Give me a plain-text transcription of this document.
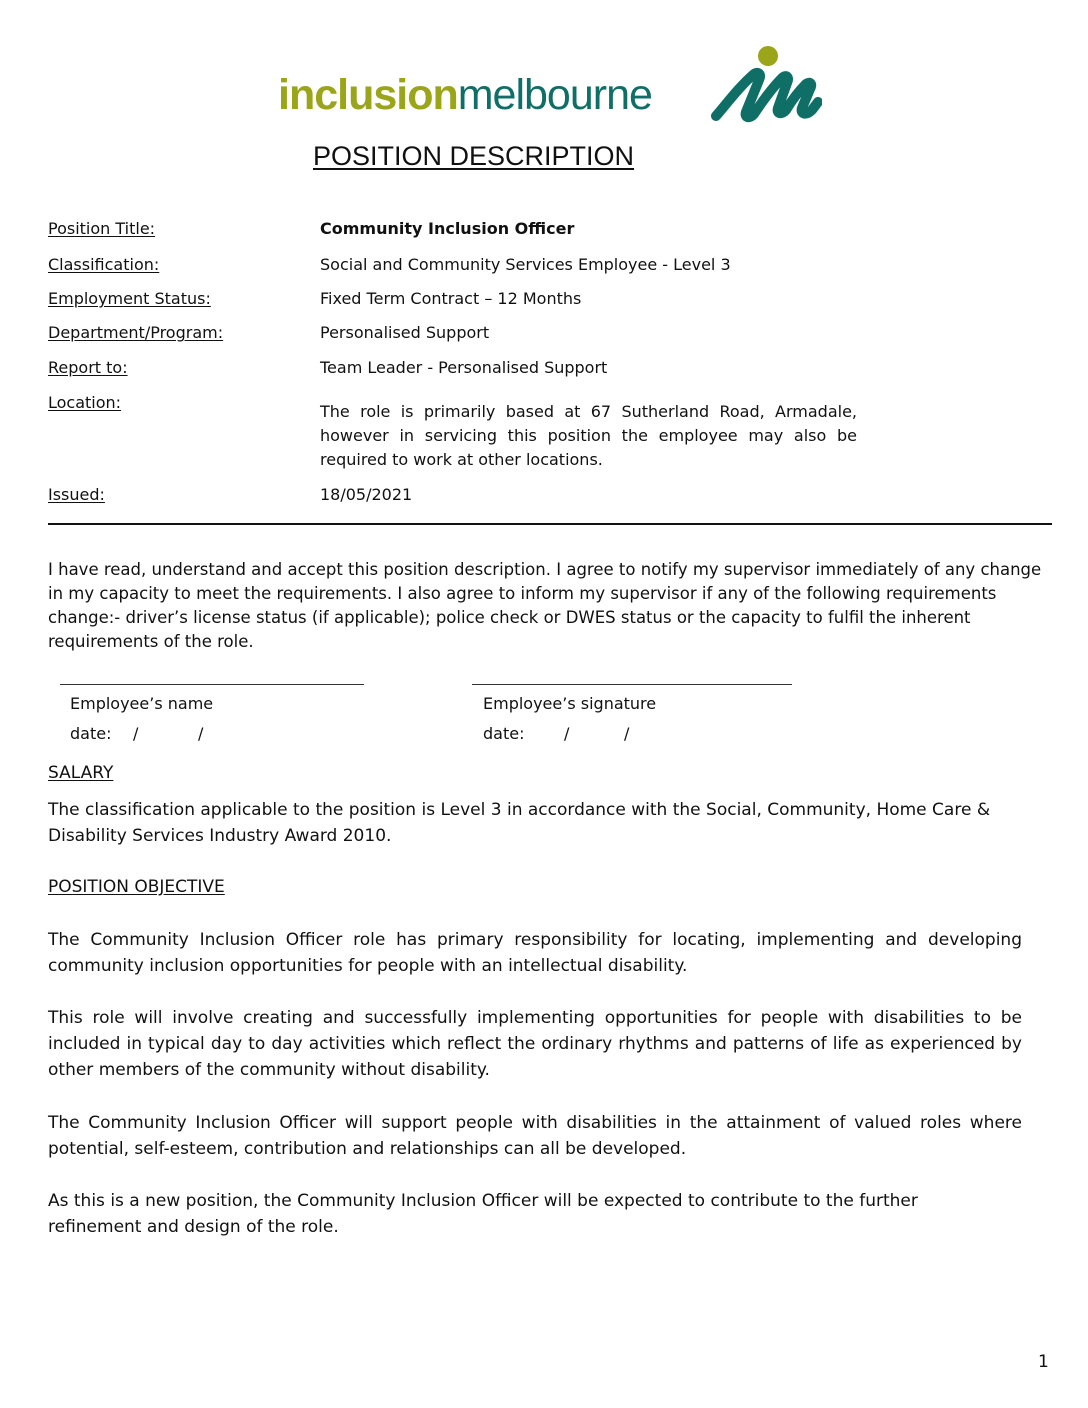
inclusionmelbourne
POSITION DESCRIPTION
Position Title:	Community Inclusion Officer
Classification:	Social and Community Services Employee - Level 3
Employment Status:	Fixed Term Contract – 12 Months
Department/Program:	Personalised Support
Report to:	Team Leader - Personalised Support
Location:	The role is primarily based at 67 Sutherland Road, Armadale, however in servicing this position the employee may also be required to work at other locations.
Issued:	18/05/2021
I have read, understand and accept this position description. I agree to notify my supervisor immediately of any change in my capacity to meet the requirements. I also agree to inform my supervisor if any of the following requirements change:- driver’s license status (if applicable); police check or DWES status or the capacity to fulfil the inherent requirements of the role.
Employee’s name	Employee’s signature
date: /	/	date: /	/
SALARY
The classification applicable to the position is Level 3 in accordance with the Social, Community, Home Care & Disability Services Industry Award 2010.
POSITION OBJECTIVE
The Community Inclusion Officer role has primary responsibility for locating, implementing and developing community inclusion opportunities for people with an intellectual disability.
This role will involve creating and successfully implementing opportunities for people with disabilities to be included in typical day to day activities which reflect the ordinary rhythms and patterns of life as experienced by other members of the community without disability.
The Community Inclusion Officer will support people with disabilities in the attainment of valued roles where potential, self-esteem, contribution and relationships can all be developed.
As this is a new position, the Community Inclusion Officer will be expected to contribute to the further refinement and design of the role.
1
